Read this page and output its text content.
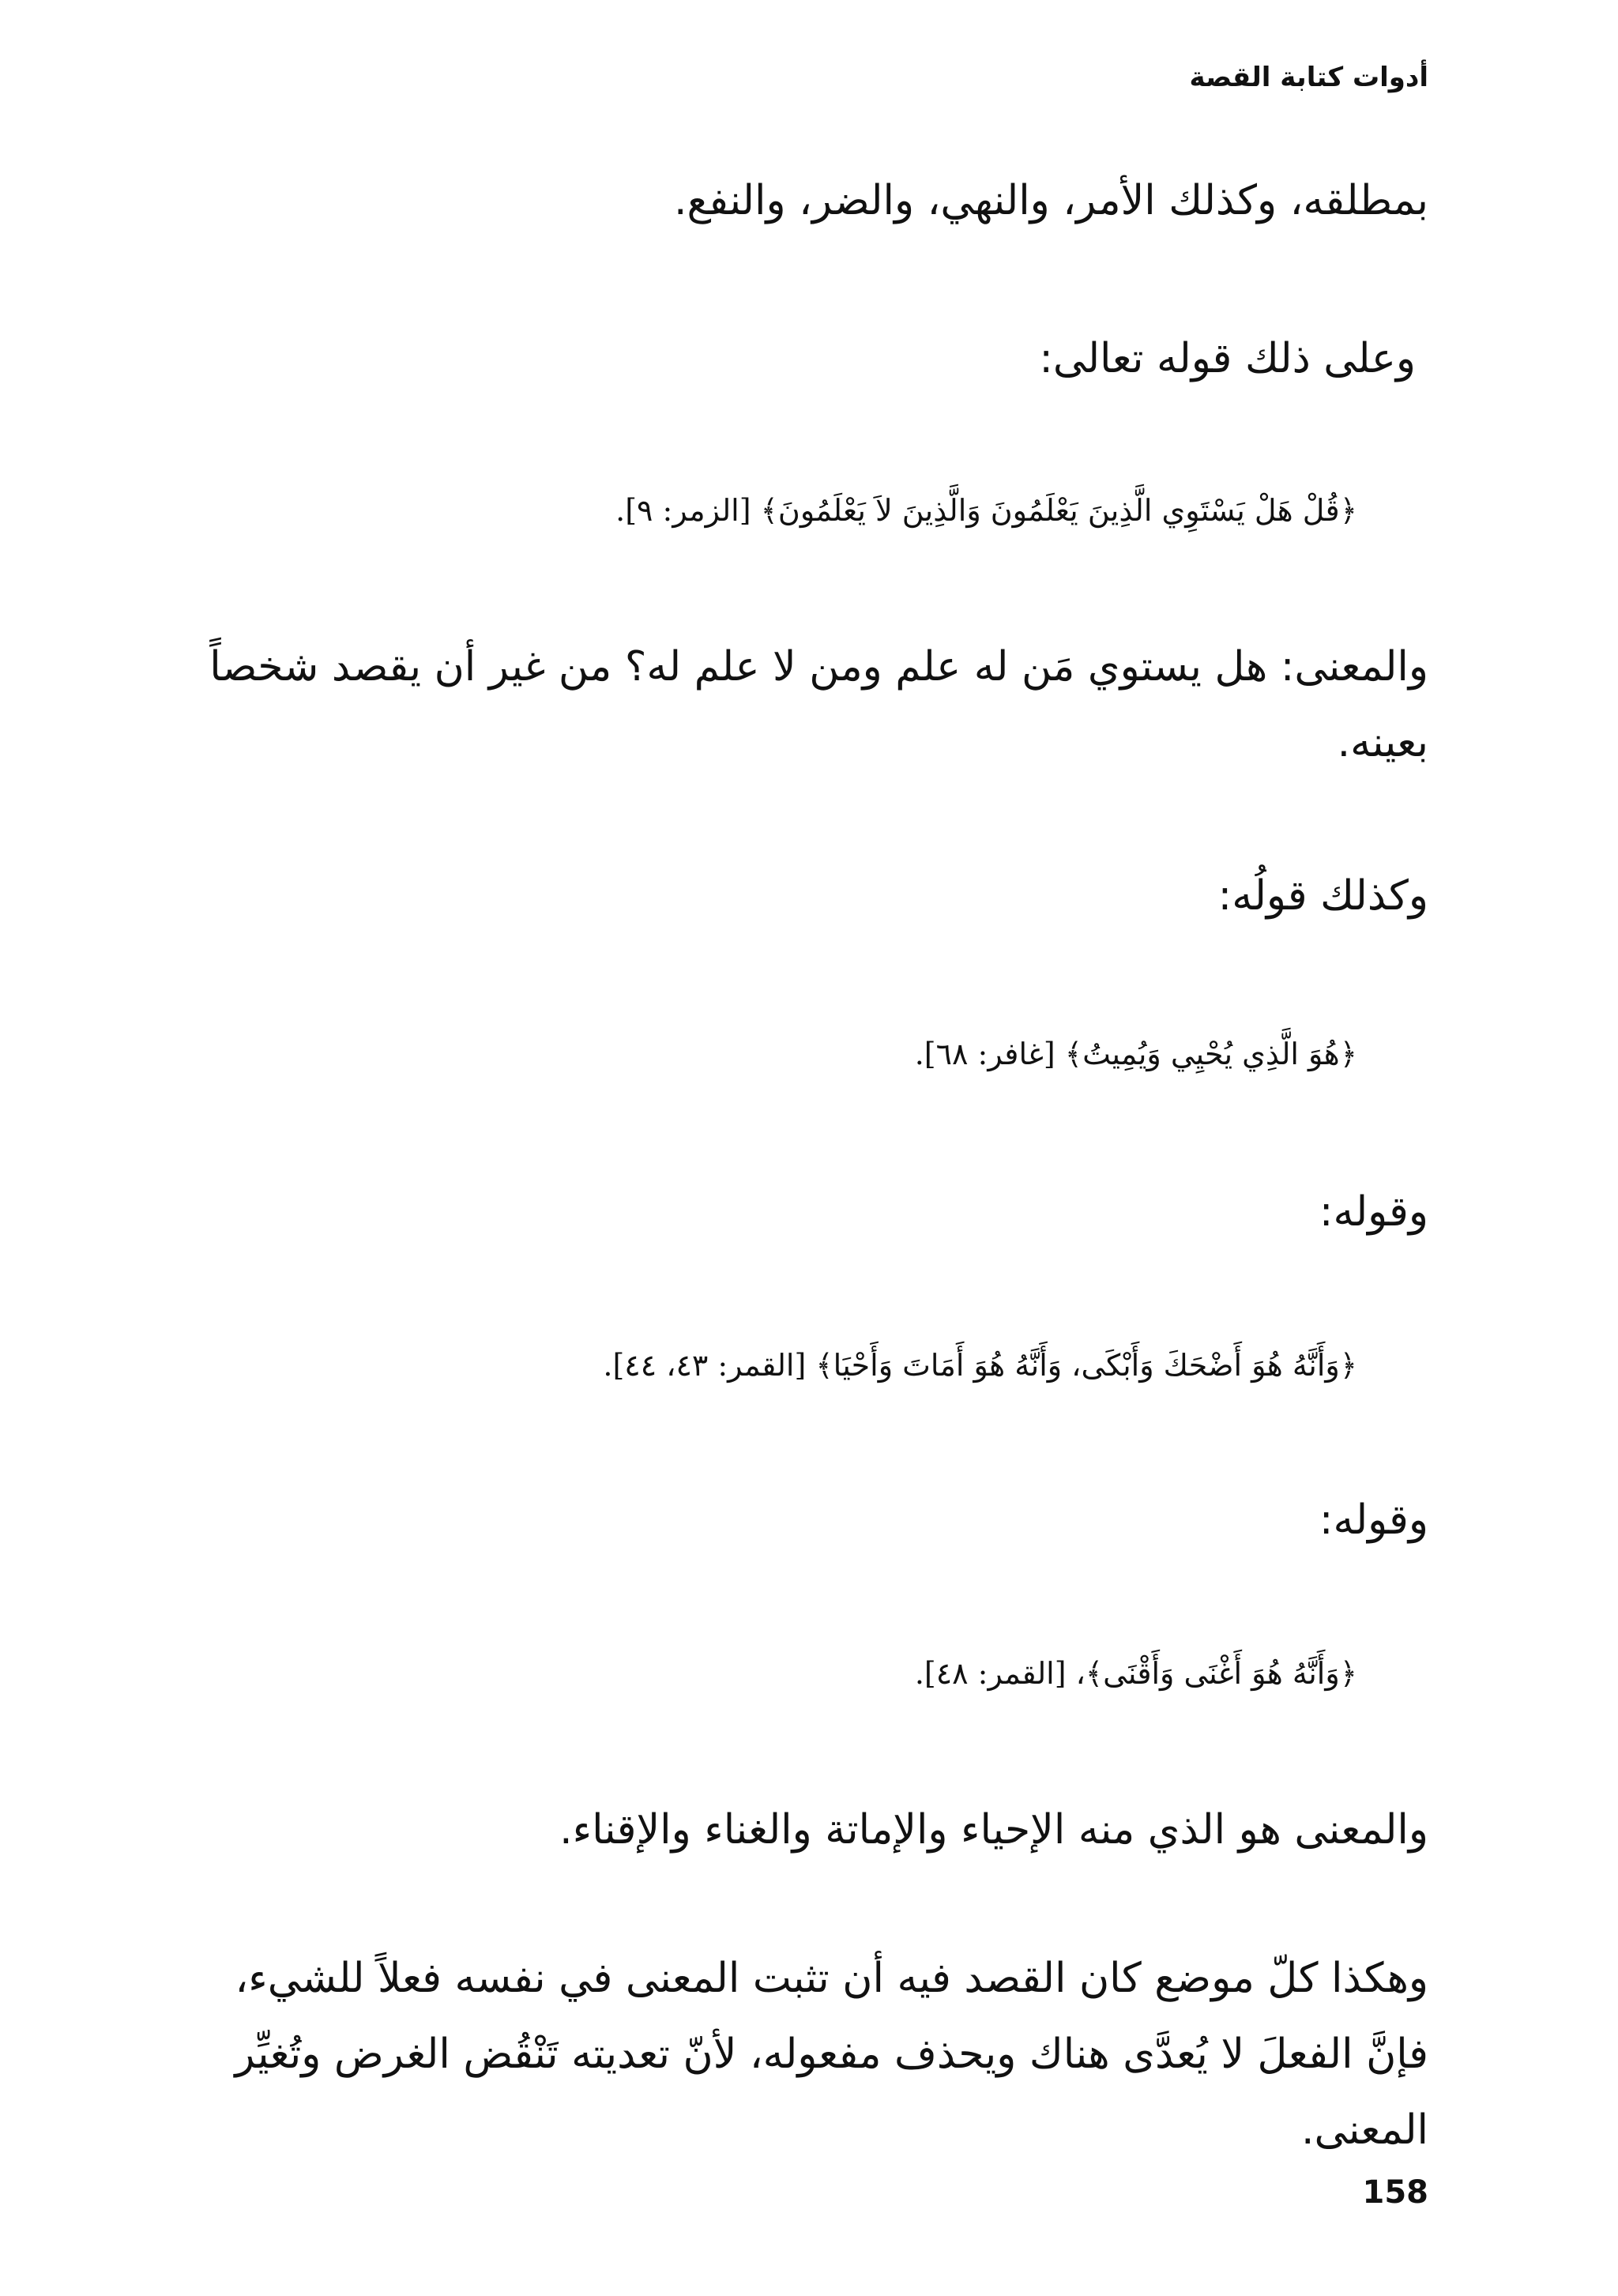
أدوات كتابة القصة
بمطلقه، وكذلك الأمر، والنهي، والضر، والنفع.
وعلى ذلك قوله تعالى:
﴿قُلْ هَلْ يَسْتَوِي الَّذِينَ يَعْلَمُونَ وَالَّذِينَ لاَ يَعْلَمُونَ﴾ [الزمر: ٩].
والمعنى: هل يستوي مَن له علم ومن لا علم له؟ من غير أن يقصد شخصاً بعينه.
وكذلك قولُه:
﴿هُوَ الَّذِي يُحْيِي وَيُمِيتُ﴾ [غافر: ٦٨].
وقوله:
﴿وَأَنَّهُ هُوَ أَضْحَكَ وَأَبْكَى، وَأَنَّهُ هُوَ أَمَاتَ وَأَحْيَا﴾ [القمر: ٤٣، ٤٤].
وقوله:
﴿وَأَنَّهُ هُوَ أَغْنَى وَأَقْنَى﴾، [القمر: ٤٨].
والمعنى هو الذي منه الإحياء والإماتة والغناء والإقناء.
وهكذا كلّ موضع كان القصد فيه أن تثبت المعنى في نفسه فعلاً للشيء، فإنَّ الفعلَ لا يُعدَّى هناك ويحذف مفعوله، لأنّ تعديته تَنْقُض الغرض وتُغيِّر المعنى.
158
